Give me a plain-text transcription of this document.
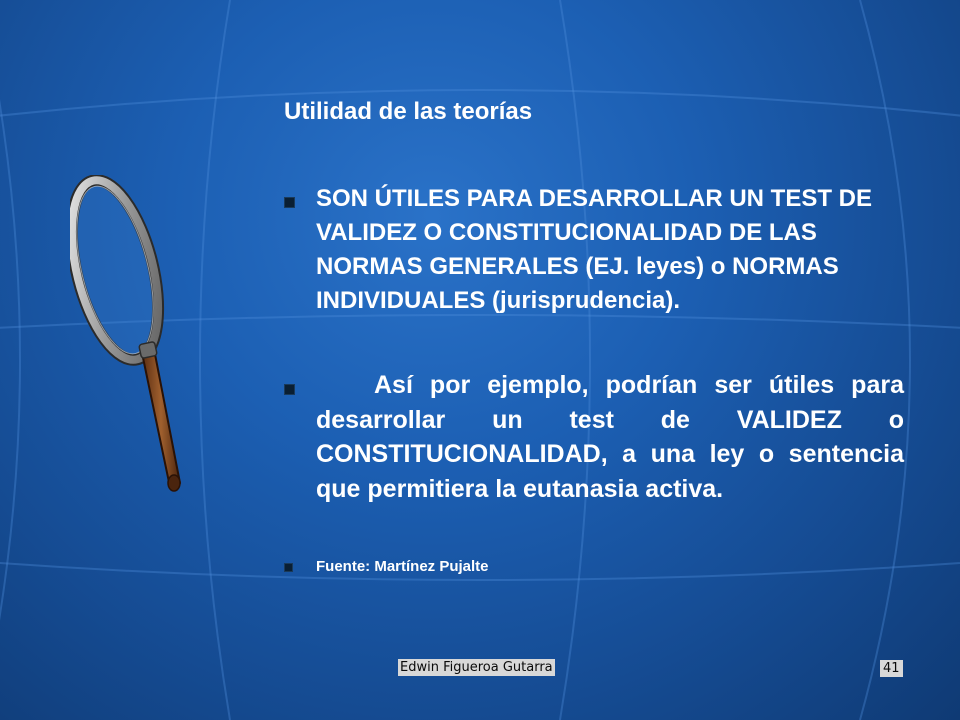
Utilidad de las teorías
SON ÚTILES PARA DESARROLLAR UN TEST DE VALIDEZ O CONSTITUCIONALIDAD DE LAS NORMAS GENERALES (EJ. leyes) o NORMAS INDIVIDUALES (jurisprudencia).
Así por ejemplo, podrían ser útiles para desarrollar un test de VALIDEZ o CONSTITUCIONALIDAD, a una ley o sentencia que permitiera la eutanasia activa.
Fuente: Martínez Pujalte
Edwin Figueroa Gutarra	41
